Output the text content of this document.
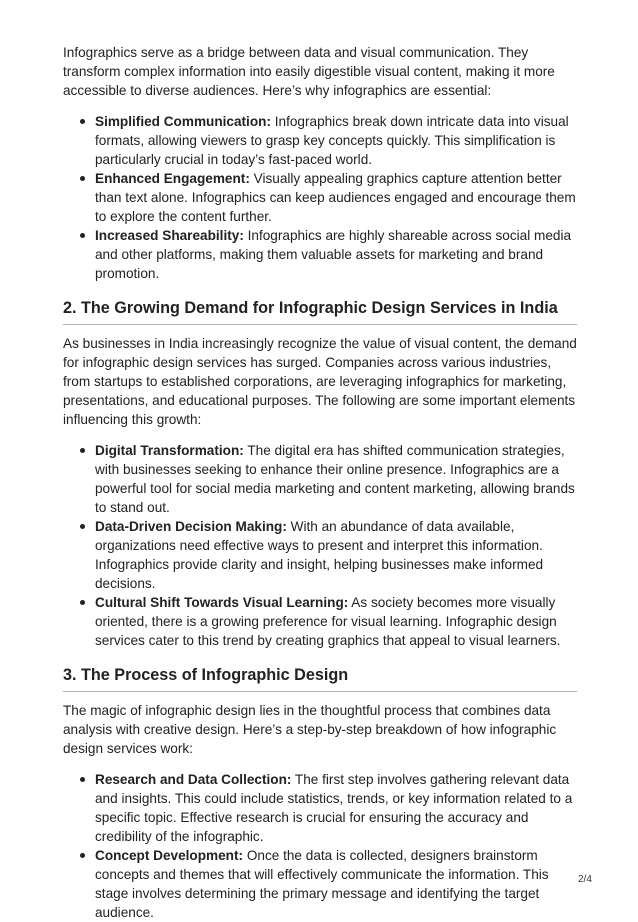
Infographics serve as a bridge between data and visual communication. They transform complex information into easily digestible visual content, making it more accessible to diverse audiences. Here’s why infographics are essential:

Simplified Communication: Infographics break down intricate data into visual formats, allowing viewers to grasp key concepts quickly. This simplification is particularly crucial in today’s fast-paced world.
Enhanced Engagement: Visually appealing graphics capture attention better than text alone. Infographics can keep audiences engaged and encourage them to explore the content further.
Increased Shareability: Infographics are highly shareable across social media and other platforms, making them valuable assets for marketing and brand promotion.
2. The Growing Demand for Infographic Design Services in India

As businesses in India increasingly recognize the value of visual content, the demand for infographic design services has surged. Companies across various industries, from startups to established corporations, are leveraging infographics for marketing, presentations, and educational purposes. The following are some important elements influencing this growth:

Digital Transformation: The digital era has shifted communication strategies, with businesses seeking to enhance their online presence. Infographics are a powerful tool for social media marketing and content marketing, allowing brands to stand out.
Data-Driven Decision Making: With an abundance of data available, organizations need effective ways to present and interpret this information. Infographics provide clarity and insight, helping businesses make informed decisions.
Cultural Shift Towards Visual Learning: As society becomes more visually oriented, there is a growing preference for visual learning. Infographic design services cater to this trend by creating graphics that appeal to visual learners.
3. The Process of Infographic Design

The magic of infographic design lies in the thoughtful process that combines data analysis with creative design. Here’s a step-by-step breakdown of how infographic design services work:

Research and Data Collection: The first step involves gathering relevant data and insights. This could include statistics, trends, or key information related to a specific topic. Effective research is crucial for ensuring the accuracy and credibility of the infographic.
Concept Development: Once the data is collected, designers brainstorm concepts and themes that will effectively communicate the information. This stage involves determining the primary message and identifying the target audience.
2/4
